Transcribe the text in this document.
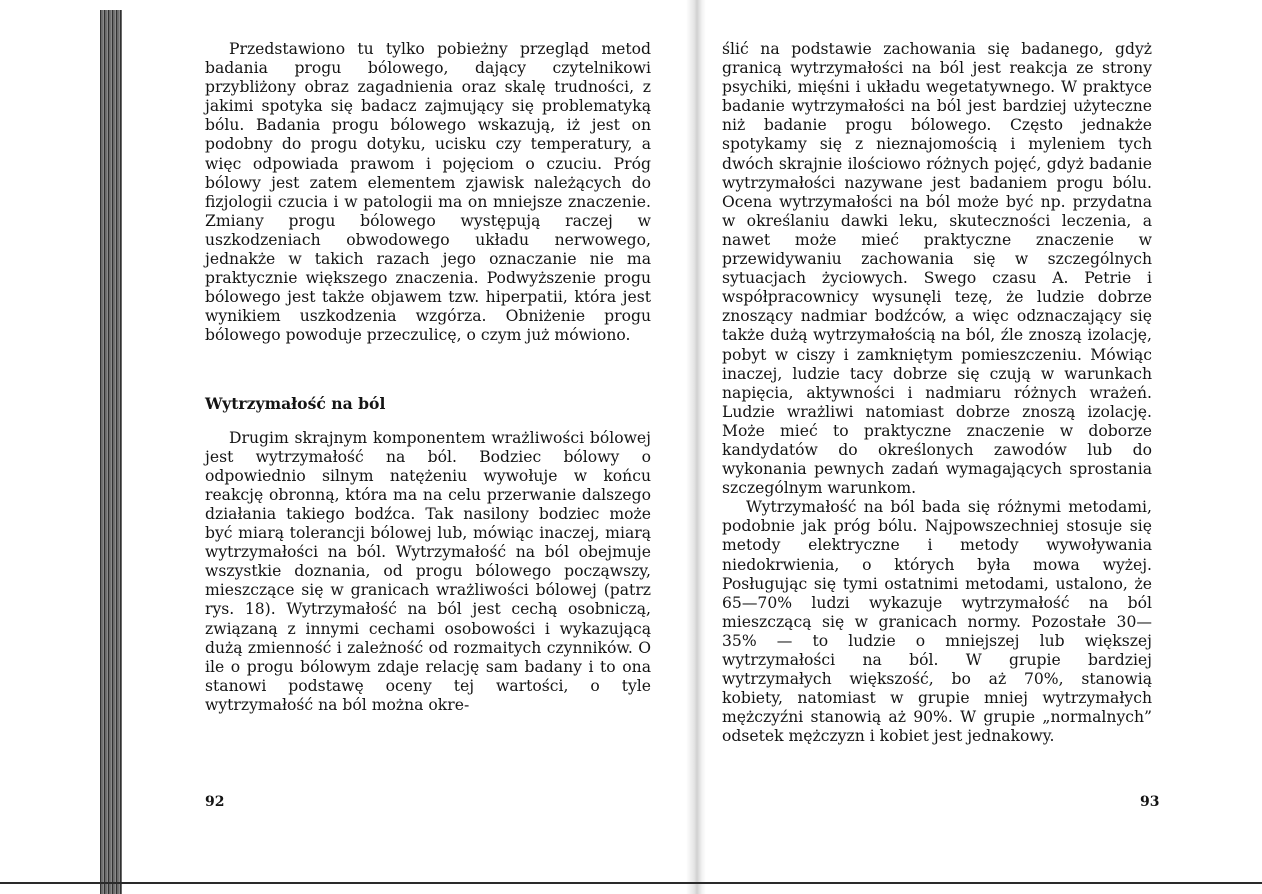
Przedstawiono tu tylko pobieżny przegląd metod badania progu bólowego, dający czytelnikowi przybliżony obraz zagadnienia oraz skalę trudności, z jakimi spotyka się badacz zajmujący się problematyką bólu. Badania progu bólowego wskazują, iż jest on podobny do progu dotyku, ucisku czy temperatury, a więc odpowiada prawom i pojęciom o czuciu. Próg bólowy jest zatem elementem zjawisk należących do fizjologii czucia i w patologii ma on mniejsze znaczenie. Zmiany progu bólowego występują raczej w uszkodzeniach obwodowego układu nerwowego, jednakże w takich razach jego oznaczanie nie ma praktycznie większego znaczenia. Podwyższenie progu bólowego jest także objawem tzw. hiperpatii, która jest wynikiem uszkodzenia wzgórza. Obniżenie progu bólowego powoduje przeczulicę, o czym już mówiono.

Wytrzymałość na ból

Drugim skrajnym komponentem wrażliwości bólowej jest wytrzymałość na ból. Bodziec bólowy o odpowiednio silnym natężeniu wywołuje w końcu reakcję obronną, która ma na celu przerwanie dalszego działania takiego bodźca. Tak nasilony bodziec może być miarą tolerancji bólowej lub, mówiąc inaczej, miarą wytrzymałości na ból. Wytrzymałość na ból obejmuje wszystkie doznania, od progu bólowego począwszy, mieszczące się w granicach wrażliwości bólowej (patrz rys. 18). Wytrzymałość na ból jest cechą osobniczą, związaną z innymi cechami osobowości i wykazującą dużą zmienność i zależność od rozmaitych czynników. O ile o progu bólowym zdaje relację sam badany i to ona stanowi podstawę oceny tej wartości, o tyle wytrzymałość na ból można okre-

92

ślić na podstawie zachowania się badanego, gdyż granicą wytrzymałości na ból jest reakcja ze strony psychiki, mięśni i układu wegetatywnego. W praktyce badanie wytrzymałości na ból jest bardziej użyteczne niż badanie progu bólowego. Często jednakże spotykamy się z nieznajomością i myleniem tych dwóch skrajnie ilościowo różnych pojęć, gdyż badanie wytrzymałości nazywane jest badaniem progu bólu. Ocena wytrzymałości na ból może być np. przydatna w określaniu dawki leku, skuteczności leczenia, a nawet może mieć praktyczne znaczenie w przewidywaniu zachowania się w szczególnych sytuacjach życiowych. Swego czasu A. Petrie i współpracownicy wysunęli tezę, że ludzie dobrze znoszący nadmiar bodźców, a więc odznaczający się także dużą wytrzymałością na ból, źle znoszą izolację, pobyt w ciszy i zamkniętym pomieszczeniu. Mówiąc inaczej, ludzie tacy dobrze się czują w warunkach napięcia, aktywności i nadmiaru różnych wrażeń. Ludzie wrażliwi natomiast dobrze znoszą izolację. Może mieć to praktyczne znaczenie w doborze kandydatów do określonych zawodów lub do wykonania pewnych zadań wymagających sprostania szczególnym warunkom.

Wytrzymałość na ból bada się różnymi metodami, podobnie jak próg bólu. Najpowszechniej stosuje się metody elektryczne i metody wywoływania niedokrwienia, o których była mowa wyżej. Posługując się tymi ostatnimi metodami, ustalono, że 65—70% ludzi wykazuje wytrzymałość na ból mieszczącą się w granicach normy. Pozostałe 30—35% — to ludzie o mniejszej lub większej wytrzymałości na ból. W grupie bardziej wytrzymałych większość, bo aż 70%, stanowią kobiety, natomiast w grupie mniej wytrzymałych mężczyźni stanowią aż 90%. W grupie „normalnych” odsetek mężczyzn i kobiet jest jednakowy.

93
